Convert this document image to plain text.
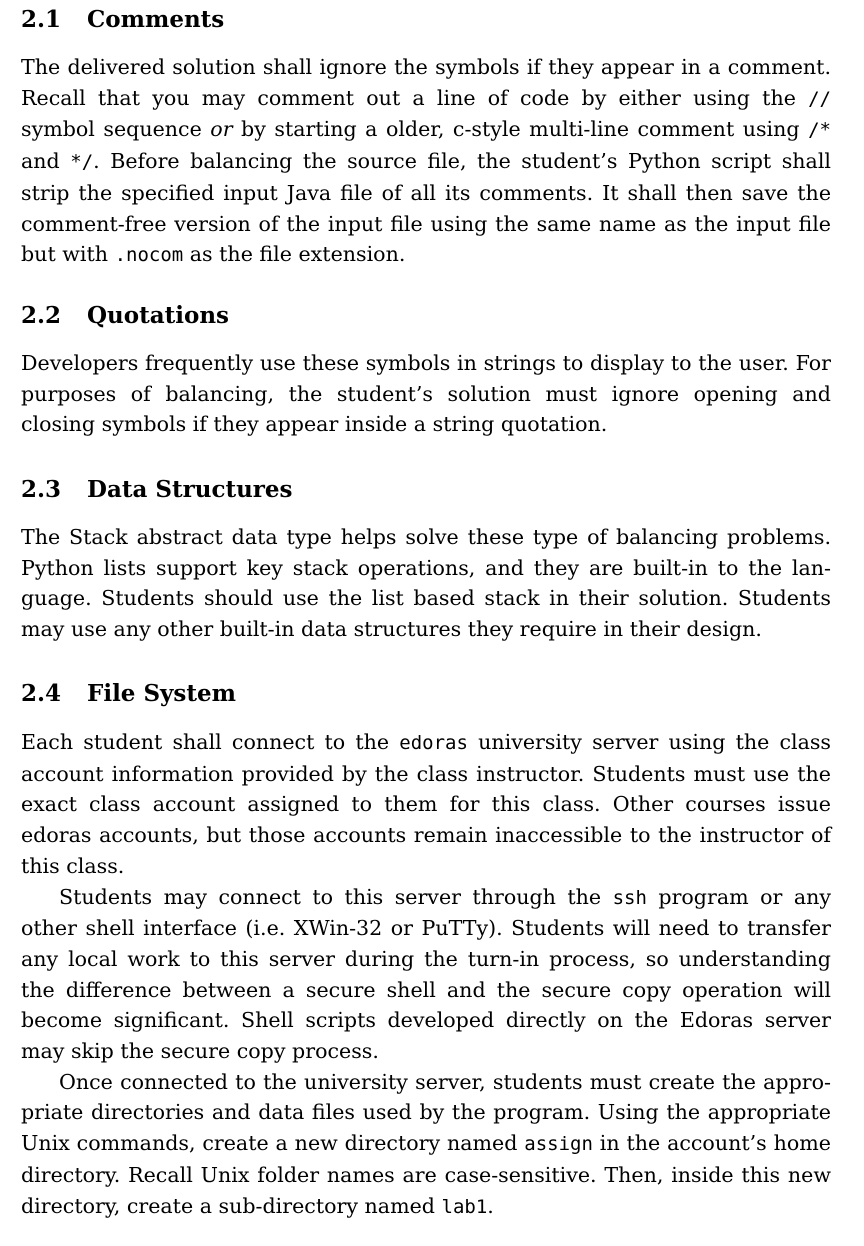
2.1 Comments

The delivered solution shall ignore the symbols if they appear in a comment. Recall that you may comment out a line of code by either using the // symbol sequence or by starting a older, c-style multi-line comment using /* and */. Before balancing the source file, the student’s Python script shall strip the specified input Java file of all its comments. It shall then save the comment-free version of the input file using the same name as the input file but with .nocom as the file extension.

2.2 Quotations

Developers frequently use these symbols in strings to display to the user. For purposes of balancing, the student’s solution must ignore opening and closing symbols if they appear inside a string quotation.

2.3 Data Structures

The Stack abstract data type helps solve these type of balancing problems. Python lists support key stack operations, and they are built-in to the language. Students should use the list based stack in their solution. Students may use any other built-in data structures they require in their design.

2.4 File System

Each student shall connect to the edoras university server using the class account information provided by the class instructor. Students must use the exact class account assigned to them for this class. Other courses issue edoras accounts, but those accounts remain inaccessible to the instructor of this class.

Students may connect to this server through the ssh program or any other shell interface (i.e. XWin-32 or PuTTy). Students will need to transfer any local work to this server during the turn-in process, so understanding the difference between a secure shell and the secure copy operation will become significant. Shell scripts developed directly on the Edoras server may skip the secure copy process.

Once connected to the university server, students must create the appropriate directories and data files used by the program. Using the appropriate Unix commands, create a new directory named assign in the account’s home directory. Recall Unix folder names are case-sensitive. Then, inside this new directory, create a sub-directory named lab1.
